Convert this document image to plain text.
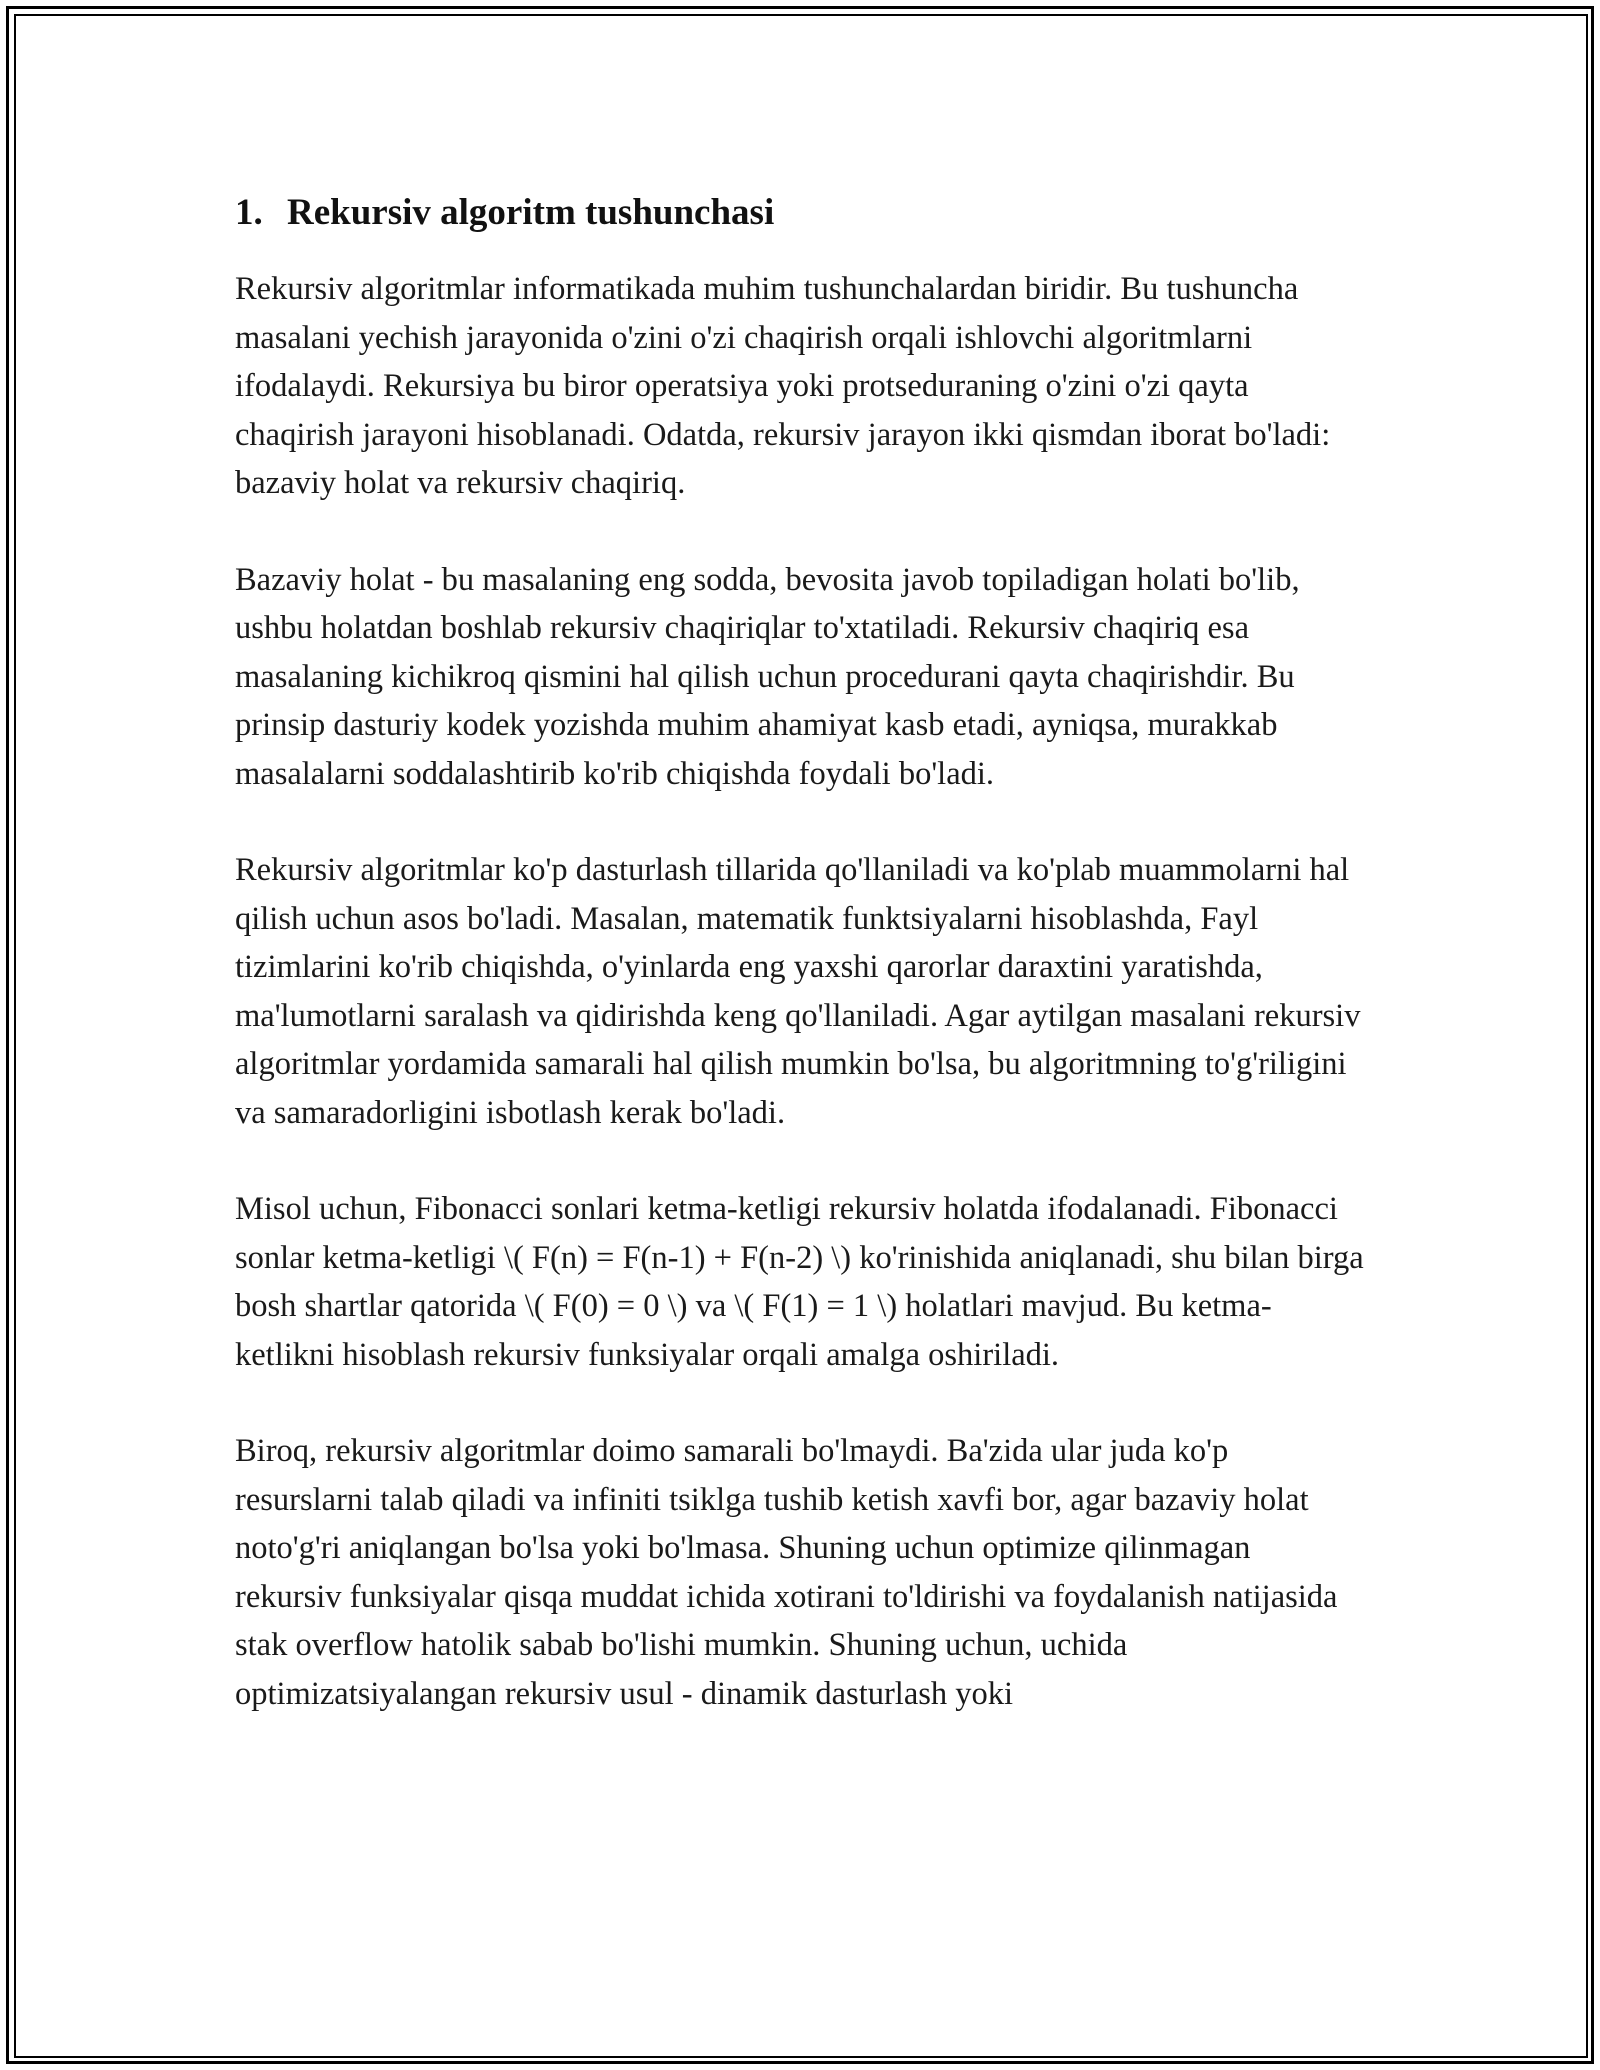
1. Rekursiv algoritm tushunchasi

Rekursiv algoritmlar informatikada muhim tushunchalardan biridir. Bu tushuncha masalani yechish jarayonida o'zini o'zi chaqirish orqali ishlovchi algoritmlarni ifodalaydi. Rekursiya bu biror operatsiya yoki protseduraning o'zini o'zi qayta chaqirish jarayoni hisoblanadi. Odatda, rekursiv jarayon ikki qismdan iborat bo'ladi: bazaviy holat va rekursiv chaqiriq.

Bazaviy holat - bu masalaning eng sodda, bevosita javob topiladigan holati bo'lib, ushbu holatdan boshlab rekursiv chaqiriqlar to'xtatiladi. Rekursiv chaqiriq esa masalaning kichikroq qismini hal qilish uchun procedurani qayta chaqirishdir. Bu prinsip dasturiy kodek yozishda muhim ahamiyat kasb etadi, ayniqsa, murakkab masalalarni soddalashtirib ko'rib chiqishda foydali bo'ladi.

Rekursiv algoritmlar ko'p dasturlash tillarida qo'llaniladi va ko'plab muammolarni hal qilish uchun asos bo'ladi. Masalan, matematik funktsiyalarni hisoblashda, Fayl tizimlarini ko'rib chiqishda, o'yinlarda eng yaxshi qarorlar daraxtini yaratishda, ma'lumotlarni saralash va qidirishda keng qo'llaniladi. Agar aytilgan masalani rekursiv algoritmlar yordamida samarali hal qilish mumkin bo'lsa, bu algoritmning to'g'riligini va samaradorligini isbotlash kerak bo'ladi.

Misol uchun, Fibonacci sonlari ketma-ketligi rekursiv holatda ifodalanadi. Fibonacci sonlar ketma-ketligi \( F(n) = F(n-1) + F(n-2) \) ko'rinishida aniqlanadi, shu bilan birga bosh shartlar qatorida \( F(0) = 0 \) va \( F(1) = 1 \) holatlari mavjud. Bu ketma-ketlikni hisoblash rekursiv funksiyalar orqali amalga oshiriladi.

Biroq, rekursiv algoritmlar doimo samarali bo'lmaydi. Ba'zida ular juda ko'p resurslarni talab qiladi va infiniti tsiklga tushib ketish xavfi bor, agar bazaviy holat noto'g'ri aniqlangan bo'lsa yoki bo'lmasa. Shuning uchun optimize qilinmagan rekursiv funksiyalar qisqa muddat ichida xotirani to'ldirishi va foydalanish natijasida stak overflow hatolik sabab bo'lishi mumkin. Shuning uchun, uchida optimizatsiyalangan rekursiv usul - dinamik dasturlash yoki
